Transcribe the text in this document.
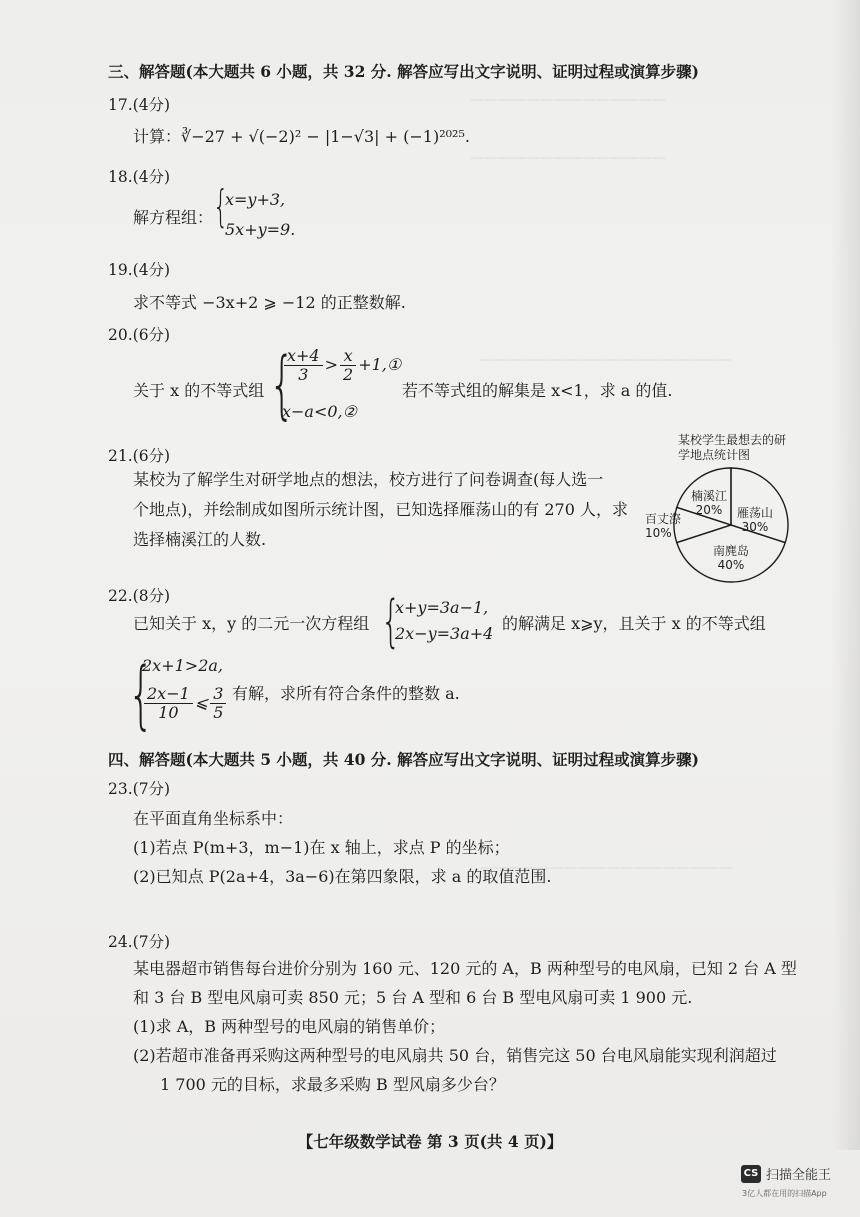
——————————————
——————————————
——————————————————
——————————————————
三、解答题(本大题共 6 小题，共 32 分. 解答应写出文字说明、证明过程或演算步骤)
17.(4分)
计算：∛−27 + √(−2)² − |1−√3| + (−1)²⁰²⁵.
18.(4分)
解方程组： {
x=y+3,
5x+y=9.
19.(4分)
求不等式 −3x+2 ⩾ −12 的正整数解.
20.(6分)
关于 x 的不等式组 {
$\frac{x+4}{3} > \frac{x}{2}$ +1,①
x−a<0,②
若不等式组的解集是 x<1，求 a 的值.
21.(6分)
某校为了解学生对研学地点的想法，校方进行了问卷调查(每人选一
个地点)，并绘制成如图所示统计图，已知选择雁荡山的有 270 人，求
选择楠溪江的人数.
某校学生最想去的研学地点统计图
雁荡山 30%
南麂岛 40%
百丈漈 10%
楠溪江 20%
22.(8分)
已知关于 x，y 的二元一次方程组 {
x+y=3a−1,
2x−y=3a+4
的解满足 x⩾y，且关于 x 的不等式组
{
2x+1>2a,
$\frac{2x-1}{10}$ ⩽ $\frac{3}{5}$ 有解，求所有符合条件的整数 a.
四、解答题(本大题共 5 小题，共 40 分. 解答应写出文字说明、证明过程或演算步骤)
23.(7分)
在平面直角坐标系中：
(1)若点 P(m+3，m−1)在 x 轴上，求点 P 的坐标；
(2)已知点 P(2a+4，3a−6)在第四象限，求 a 的取值范围.
24.(7分)
某电器超市销售每台进价分别为 160 元、120 元的 A，B 两种型号的电风扇，已知 2 台 A 型
和 3 台 B 型电风扇可卖 850 元；5 台 A 型和 6 台 B 型电风扇可卖 1 900 元.
(1)求 A，B 两种型号的电风扇的销售单价；
(2)若超市准备再采购这两种型号的电风扇共 50 台，销售完这 50 台电风扇能实现利润超过
1 700 元的目标，求最多采购 B 型风扇多少台？
【七年级数学试卷 第 3 页(共 4 页)】
CS 扫描全能王
3亿人都在用的扫描App
